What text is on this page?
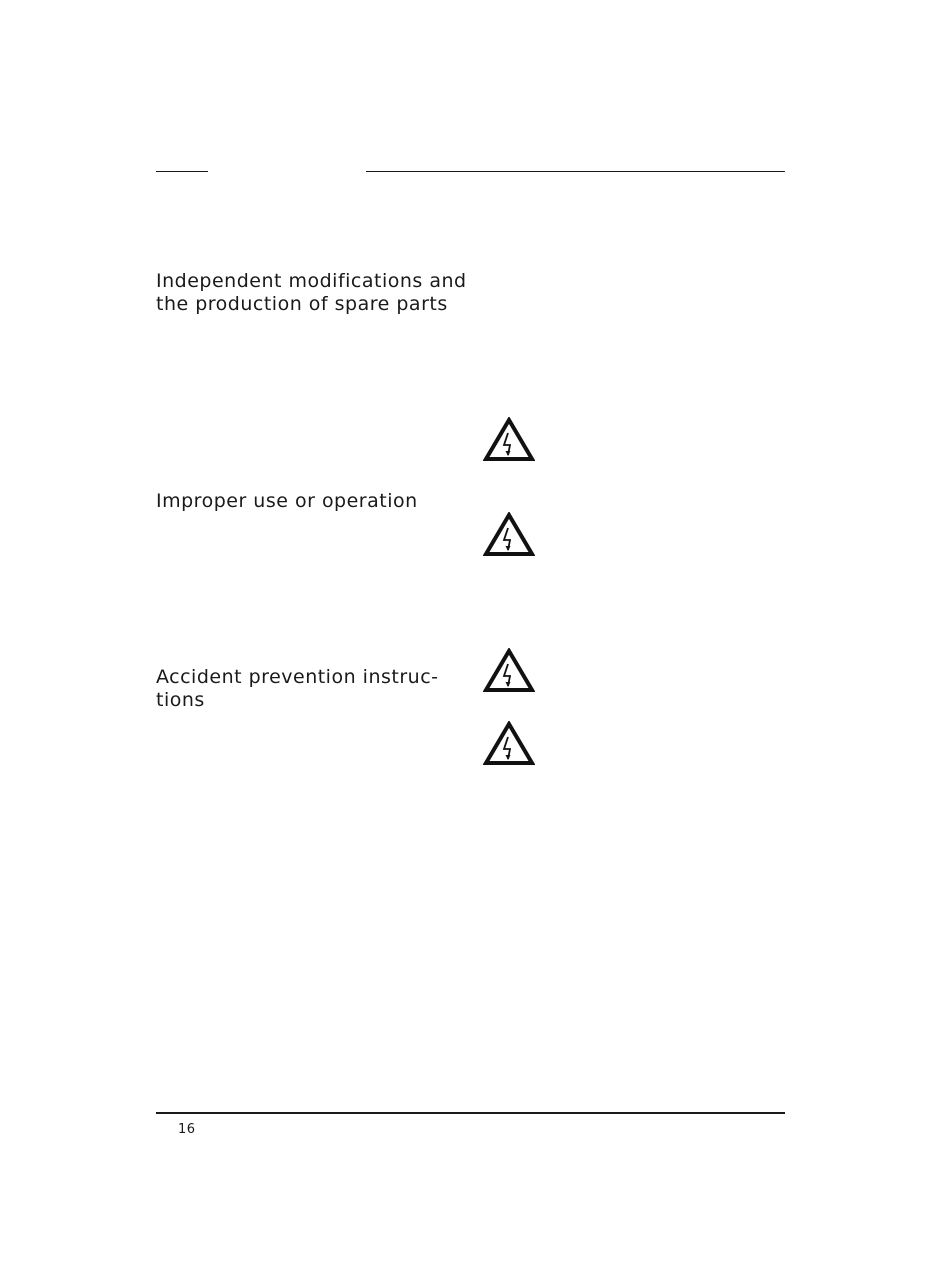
Independent modifications and the production of spare parts
Improper use or operation
Accident prevention instruc- tions
16
